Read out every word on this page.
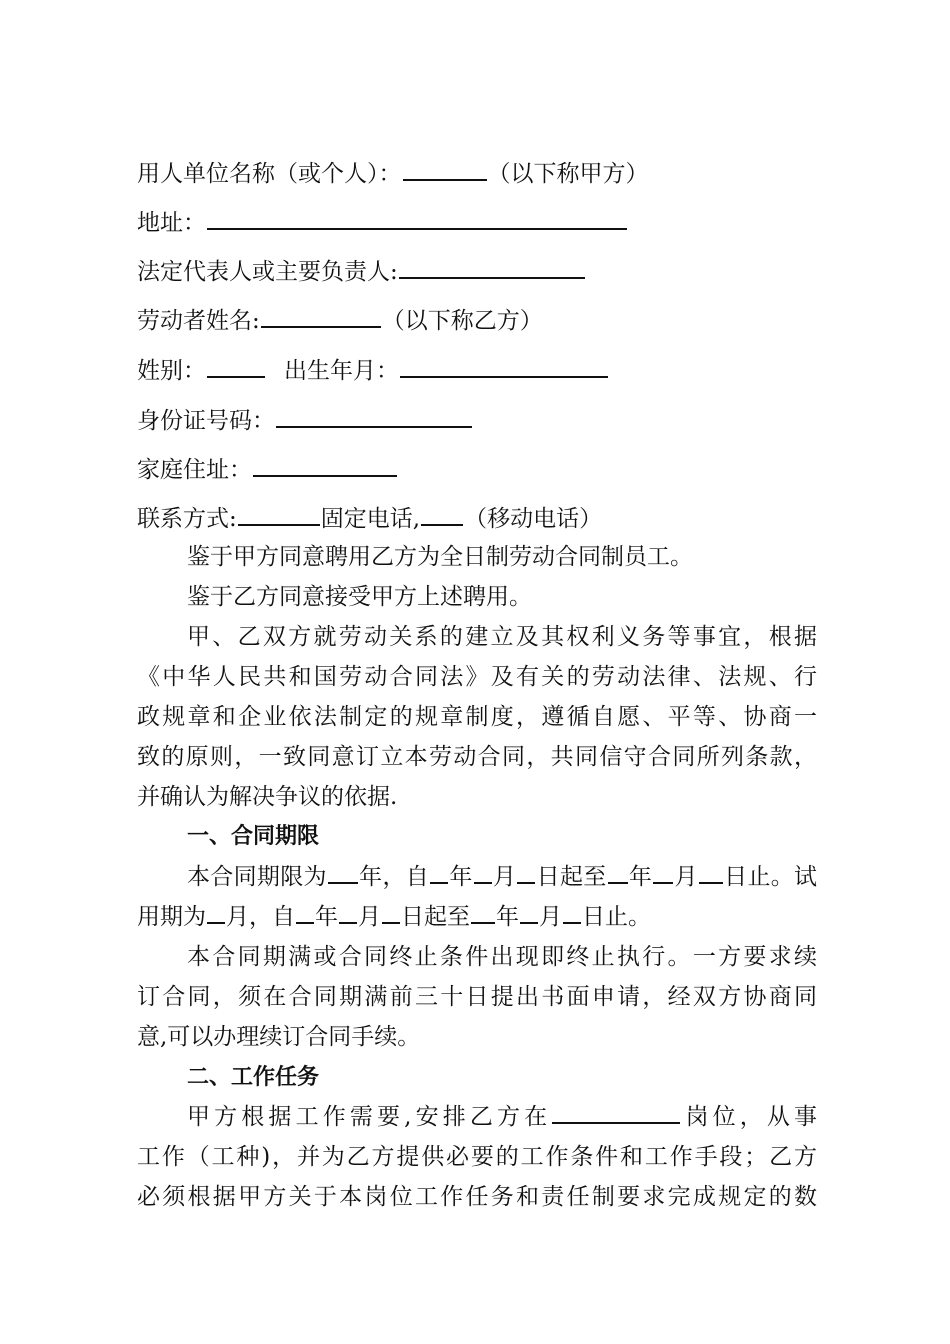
用人单位名称（或个人）：	（以下称甲方）
地址：
法定代表人或主要负责人:
劳动者姓名:	（以下称乙方）
姓别：	出生年月：
身份证号码：
家庭住址：
联系方式:	固定电话, （移动电话）
鉴于甲方同意聘用乙方为全日制劳动合同制员工。
鉴于乙方同意接受甲方上述聘用。
甲、乙双方就劳动关系的建立及其权利义务等事宜，根据
《中华人民共和国劳动合同法》及有关的劳动法律、法规、行
政规章和企业依法制定的规章制度，遵循自愿、平等、协商一
致的原则，一致同意订立本劳动合同，共同信守合同所列条款，
并确认为解决争议的依据.
一、合同期限
本合同期限为 年，自 年 月 日起至 年 月 日止。试
用期为 月，自 年 月 日起至 年 月 日止。
本合同期满或合同终止条件出现即终止执行。一方要求续
订合同，须在合同期满前三十日提出书面申请，经双方协商同
意,可以办理续订合同手续。
二、工作任务
甲方根据工作需要,安排乙方在	岗位，从事
工作（工种)，并为乙方提供必要的工作条件和工作手段；乙方
必须根据甲方关于本岗位工作任务和责任制要求完成规定的数
